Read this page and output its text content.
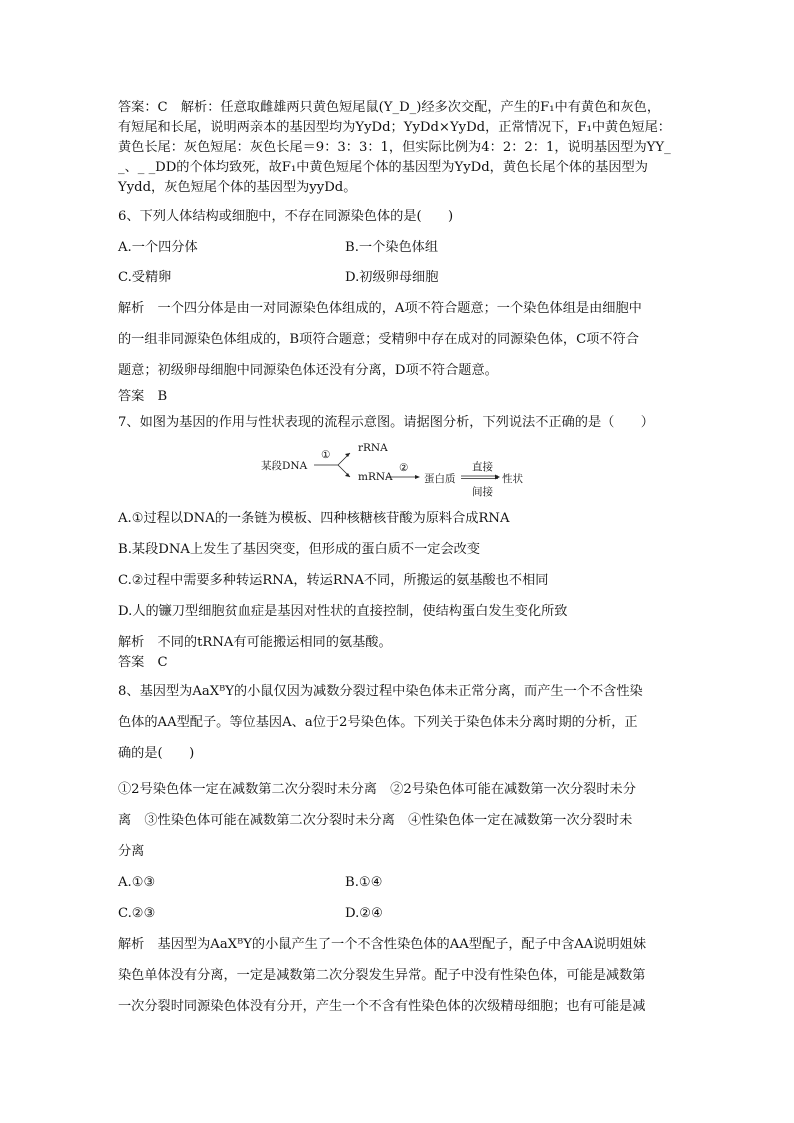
答案：C　解析：任意取雌雄两只黄色短尾鼠(Y_D_)经多次交配，产生的F₁中有黄色和灰色，
有短尾和长尾，说明两亲本的基因型均为YyDd；YyDd×YyDd，正常情况下，F₁中黄色短尾：
黄色长尾：灰色短尾：灰色长尾＝9：3：3：1，但实际比例为4：2：2：1，说明基因型为YY_
_、_ _DD的个体均致死，故F₁中黄色短尾个体的基因型为YyDd，黄色长尾个体的基因型为
Yydd，灰色短尾个体的基因型为yyDd。
6、下列人体结构或细胞中，不存在同源染色体的是(　　)
A.一个四分体	B.一个染色体组
C.受精卵	D.初级卵母细胞
解析　一个四分体是由一对同源染色体组成的，A项不符合题意；一个染色体组是由细胞中
的一组非同源染色体组成的，B项符合题意；受精卵中存在成对的同源染色体，C项不符合
题意；初级卵母细胞中同源染色体还没有分离，D项不符合题意。
答案　B
7、如图为基因的作用与性状表现的流程示意图。请据图分析，下列说法不正确的是（　　）
某段DNA
①
rRNA
mRNA
②
蛋白质
直接
间接
性状
A.①过程以DNA的一条链为模板、四种核糖核苷酸为原料合成RNA
B.某段DNA上发生了基因突变，但形成的蛋白质不一定会改变
C.②过程中需要多种转运RNA，转运RNA不同，所搬运的氨基酸也不相同
D.人的镰刀型细胞贫血症是基因对性状的直接控制，使结构蛋白发生变化所致
解析　不同的tRNA有可能搬运相同的氨基酸。
答案　C
8、基因型为AaXᴮY的小鼠仅因为减数分裂过程中染色体未正常分离，而产生一个不含性染
色体的AA型配子。等位基因A、a位于2号染色体。下列关于染色体未分离时期的分析，正
确的是(　　)
①2号染色体一定在减数第二次分裂时未分离　②2号染色体可能在减数第一次分裂时未分
离　③性染色体可能在减数第二次分裂时未分离　④性染色体一定在减数第一次分裂时未
分离
A.①③	B.①④
C.②③	D.②④
解析　基因型为AaXᴮY的小鼠产生了一个不含性染色体的AA型配子，配子中含AA说明姐妹
染色单体没有分离，一定是减数第二次分裂发生异常。配子中没有性染色体，可能是减数第
一次分裂时同源染色体没有分开，产生一个不含有性染色体的次级精母细胞；也有可能是减
